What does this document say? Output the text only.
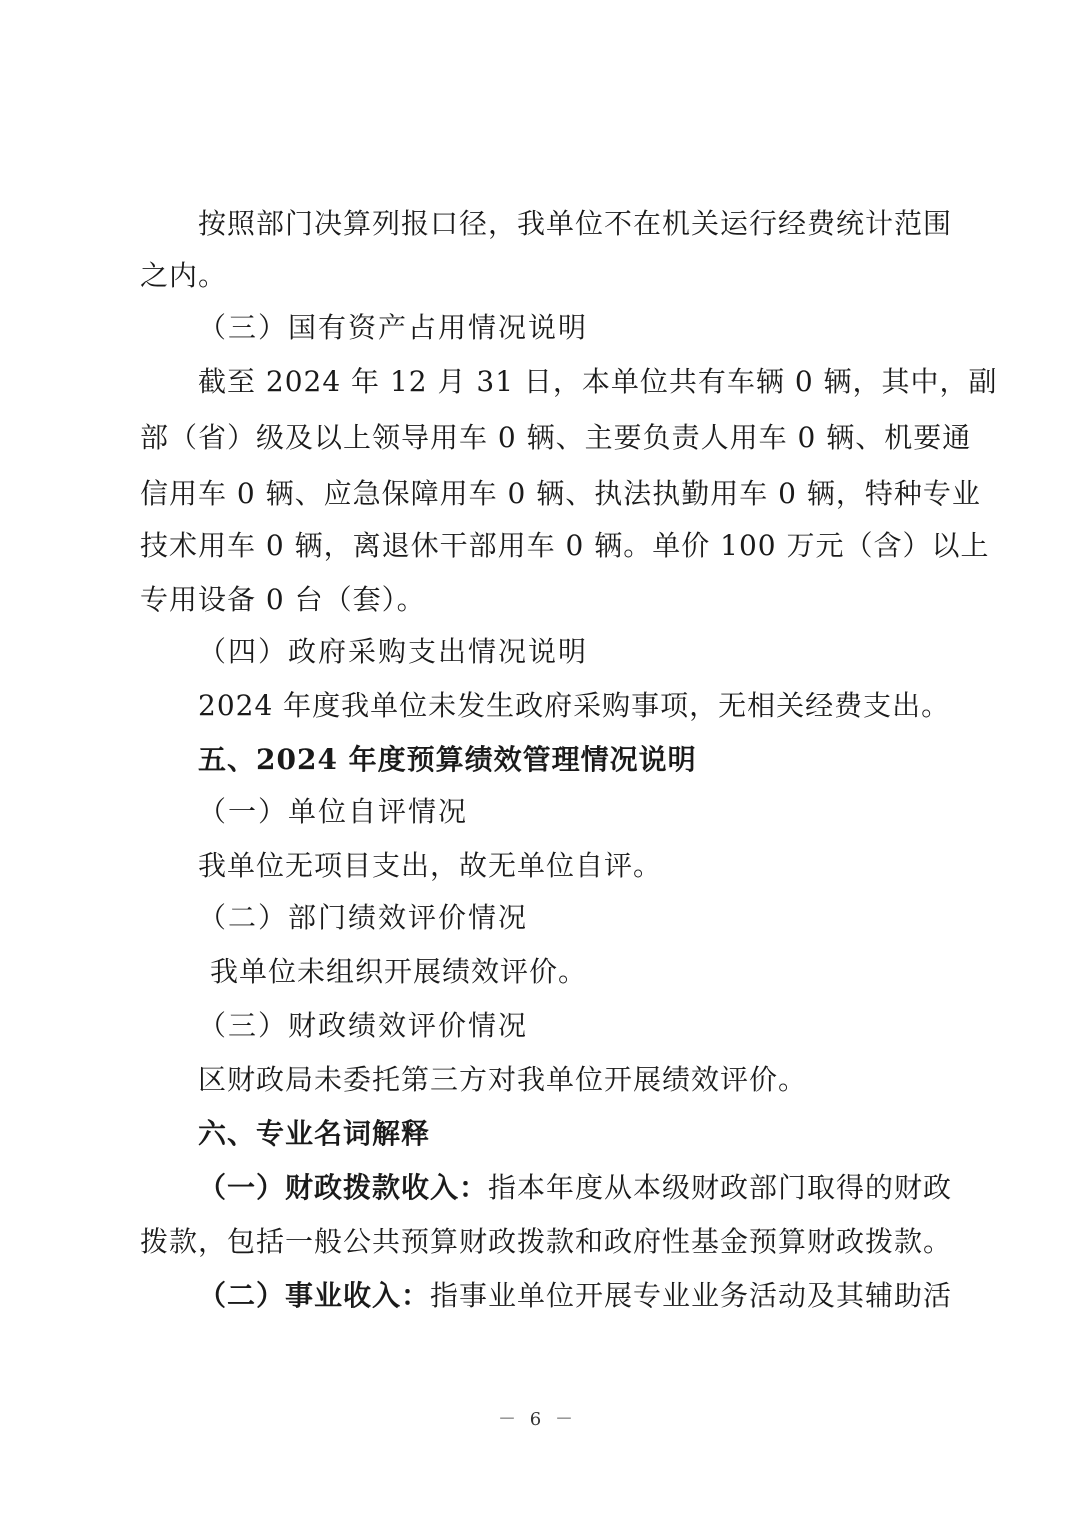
按照部门决算列报口径，我单位不在机关运行经费统计范围
之内。
（三）国有资产占用情况说明
截至 2024 年 12 月 31 日，本单位共有车辆 0 辆，其中，副
部（省）级及以上领导用车 0 辆、主要负责人用车 0 辆、机要通
信用车 0 辆、应急保障用车 0 辆、执法执勤用车 0 辆，特种专业
技术用车 0 辆，离退休干部用车 0 辆。单价 100 万元（含）以上
专用设备 0 台（套）。
（四）政府采购支出情况说明
2024 年度我单位未发生政府采购事项，无相关经费支出。
五、2024 年度预算绩效管理情况说明
（一）单位自评情况
我单位无项目支出，故无单位自评。
（二）部门绩效评价情况
我单位未组织开展绩效评价。
（三）财政绩效评价情况
区财政局未委托第三方对我单位开展绩效评价。
六、专业名词解释
（一）财政拨款收入：指本年度从本级财政部门取得的财政
拨款，包括一般公共预算财政拨款和政府性基金预算财政拨款。
（二）事业收入：指事业单位开展专业业务活动及其辅助活
－ 6 －
